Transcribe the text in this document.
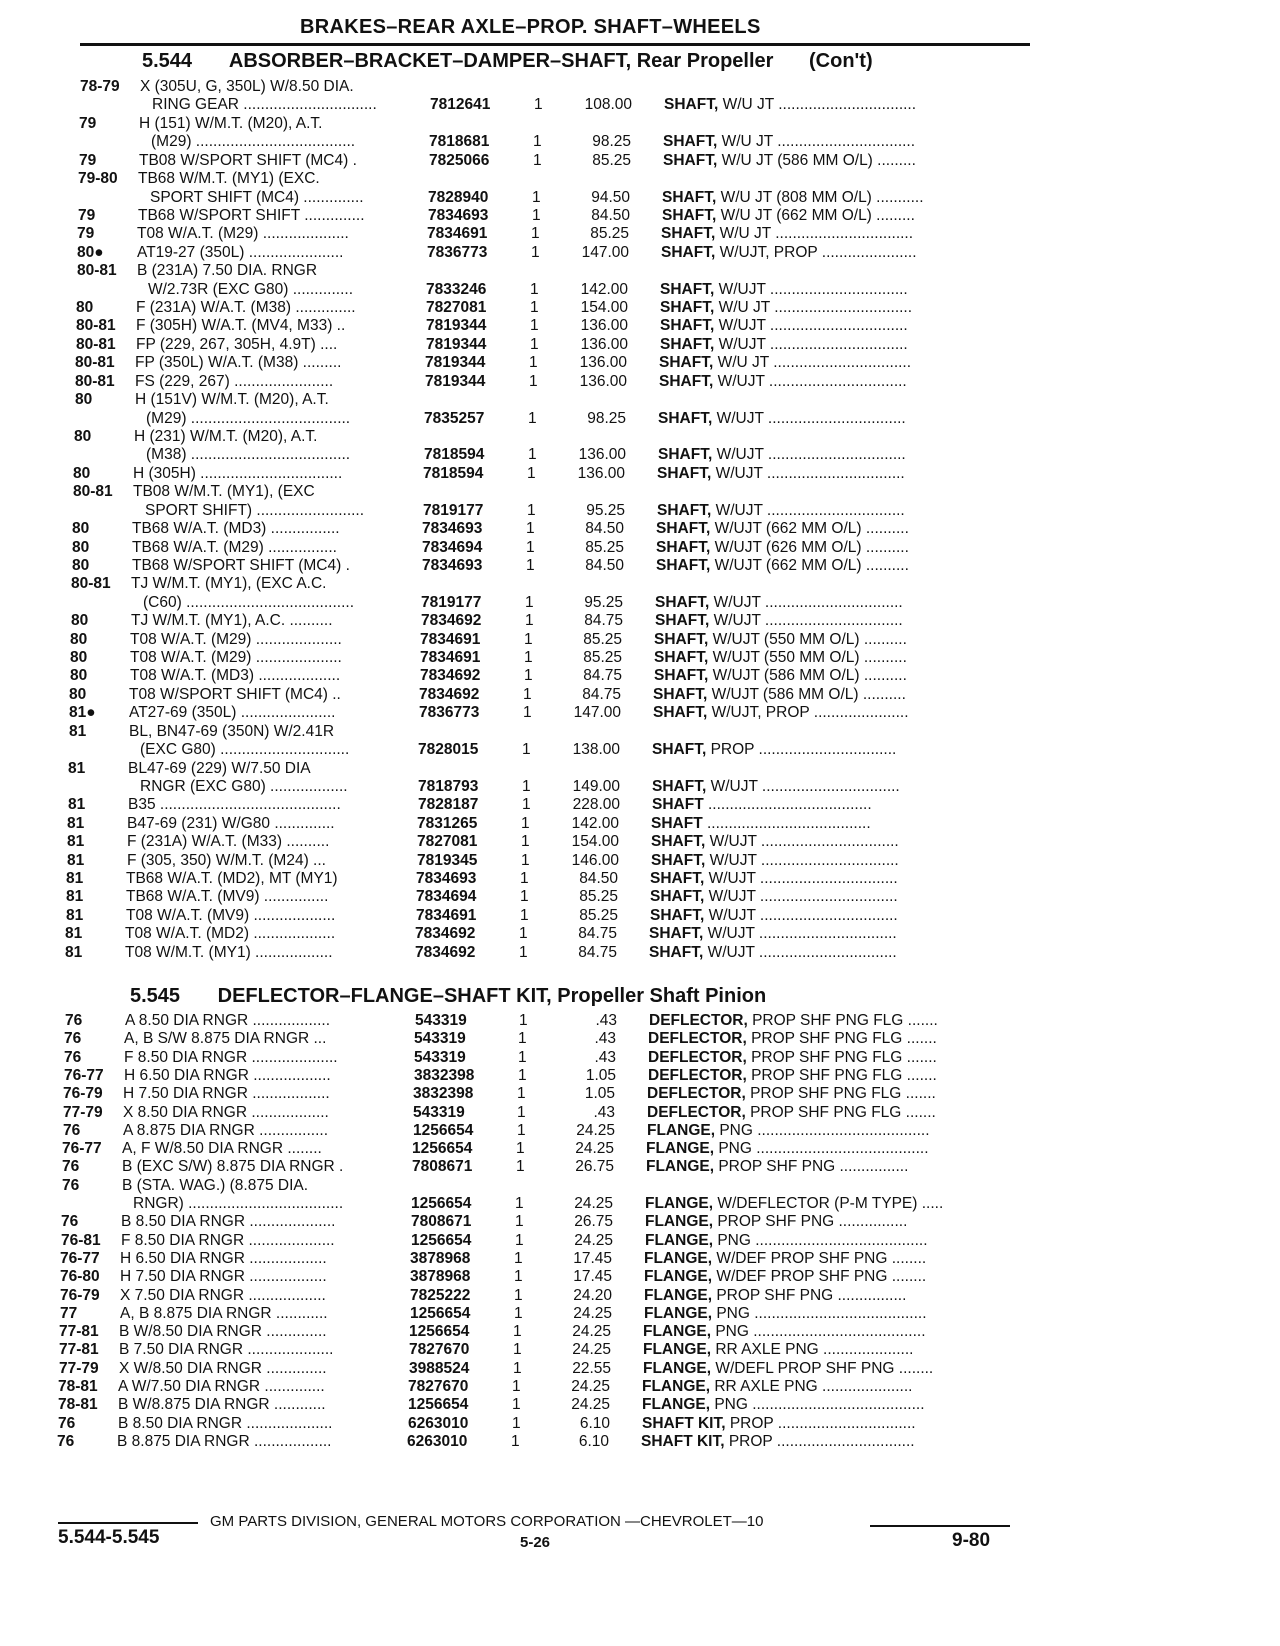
BRAKES–REAR AXLE–PROP. SHAFT–WHEELS
5.544 ABSORBER–BRACKET–DAMPER–SHAFT, Rear Propeller (Con't)
5.545 DEFLECTOR–FLANGE–SHAFT KIT, Propeller Shaft Pinion
78-79	X (305U, G, 350L) W/8.50 DIA.
RING GEAR ...............................	7812641	1	108.00 SHAFT, W/U JT ................................
79	H (151) W/M.T. (M20), A.T.
(M29) .....................................	7818681	1	98.25 SHAFT, W/U JT ................................
79	TB08 W/SPORT SHIFT (MC4) .	7825066	1	85.25 SHAFT, W/U JT (586 MM O/L) .........
79-80	TB68 W/M.T. (MY1) (EXC.
SPORT SHIFT (MC4) ..............	7828940	1	94.50 SHAFT, W/U JT (808 MM O/L) ...........
79	TB68 W/SPORT SHIFT ..............	7834693	1	84.50 SHAFT, W/U JT (662 MM O/L) .........
79	T08 W/A.T. (M29) ....................	7834691	1	85.25 SHAFT, W/U JT ................................
80●	AT19-27 (350L) ......................	7836773	1	147.00 SHAFT, W/UJT, PROP ......................
80-81	B (231A) 7.50 DIA. RNGR
W/2.73R (EXC G80) ..............	7833246	1	142.00 SHAFT, W/UJT ................................
80	F (231A) W/A.T. (M38) ..............	7827081	1	154.00 SHAFT, W/U JT ................................
80-81	F (305H) W/A.T. (MV4, M33) ..	7819344	1	136.00 SHAFT, W/UJT ................................
80-81	FP (229, 267, 305H, 4.9T) ....	7819344	1	136.00 SHAFT, W/UJT ................................
80-81	FP (350L) W/A.T. (M38) .........	7819344	1	136.00 SHAFT, W/U JT ................................
80-81	FS (229, 267) .......................	7819344	1	136.00 SHAFT, W/UJT ................................
80	H (151V) W/M.T. (M20), A.T.
(M29) .....................................	7835257	1	98.25 SHAFT, W/UJT ................................
80	H (231) W/M.T. (M20), A.T.
(M38) .....................................	7818594	1	136.00 SHAFT, W/UJT ................................
80	H (305H) .................................	7818594	1	136.00 SHAFT, W/UJT ................................
80-81	TB08 W/M.T. (MY1), (EXC
SPORT SHIFT) .........................	7819177	1	95.25 SHAFT, W/UJT ................................
80	TB68 W/A.T. (MD3) ................	7834693	1	84.50 SHAFT, W/UJT (662 MM O/L) ..........
80	TB68 W/A.T. (M29) ................	7834694	1	85.25 SHAFT, W/UJT (626 MM O/L) ..........
80	TB68 W/SPORT SHIFT (MC4) .	7834693	1	84.50 SHAFT, W/UJT (662 MM O/L) ..........
80-81	TJ W/M.T. (MY1), (EXC A.C.
(C60) .......................................	7819177	1	95.25 SHAFT, W/UJT ................................
80	TJ W/M.T. (MY1), A.C. ..........	7834692	1	84.75 SHAFT, W/UJT ................................
80	T08 W/A.T. (M29) ....................	7834691	1	85.25 SHAFT, W/UJT (550 MM O/L) ..........
80	T08 W/A.T. (M29) ....................	7834691	1	85.25 SHAFT, W/UJT (550 MM O/L) ..........
80	T08 W/A.T. (MD3) ...................	7834692	1	84.75 SHAFT, W/UJT (586 MM O/L) ..........
80	T08 W/SPORT SHIFT (MC4) ..	7834692	1	84.75 SHAFT, W/UJT (586 MM O/L) ..........
81●	AT27-69 (350L) ......................	7836773	1	147.00 SHAFT, W/UJT, PROP ......................
81	BL, BN47-69 (350N) W/2.41R
(EXC G80) ..............................	7828015	1	138.00 SHAFT, PROP ................................
81	BL47-69 (229) W/7.50 DIA
RNGR (EXC G80) ..................	7818793	1	149.00 SHAFT, W/UJT ................................
81	B35 ..........................................	7828187	1	228.00 SHAFT ......................................
81	B47-69 (231) W/G80 ..............	7831265	1	142.00 SHAFT ......................................
81	F (231A) W/A.T. (M33) ..........	7827081	1	154.00 SHAFT, W/UJT ................................
81	F (305, 350) W/M.T. (M24) ...	7819345	1	146.00 SHAFT, W/UJT ................................
81	TB68 W/A.T. (MD2), MT (MY1)	7834693	1	84.50 SHAFT, W/UJT ................................
81	TB68 W/A.T. (MV9) ...............	7834694	1	85.25 SHAFT, W/UJT ................................
81	T08 W/A.T. (MV9) ...................	7834691	1	85.25 SHAFT, W/UJT ................................
81	T08 W/A.T. (MD2) ...................	7834692	1	84.75 SHAFT, W/UJT ................................
81	T08 W/M.T. (MY1) ..................	7834692	1	84.75 SHAFT, W/UJT ................................
76	A 8.50 DIA RNGR ..................	543319	1	.43 DEFLECTOR, PROP SHF PNG FLG .......
76	A, B S/W 8.875 DIA RNGR ...	543319	1	.43 DEFLECTOR, PROP SHF PNG FLG .......
76	F 8.50 DIA RNGR ....................	543319	1	.43 DEFLECTOR, PROP SHF PNG FLG .......
76-77	H 6.50 DIA RNGR ..................	3832398	1	1.05 DEFLECTOR, PROP SHF PNG FLG .......
76-79	H 7.50 DIA RNGR ..................	3832398	1	1.05 DEFLECTOR, PROP SHF PNG FLG .......
77-79	X 8.50 DIA RNGR ..................	543319	1	.43 DEFLECTOR, PROP SHF PNG FLG .......
76	A 8.875 DIA RNGR ................	1256654	1	24.25 FLANGE, PNG ........................................
76-77	A, F W/8.50 DIA RNGR ........	1256654	1	24.25 FLANGE, PNG ........................................
76	B (EXC S/W) 8.875 DIA RNGR .	7808671	1	26.75 FLANGE, PROP SHF PNG ................
76	B (STA. WAG.) (8.875 DIA.
RNGR) ....................................	1256654	1	24.25 FLANGE, W/DEFLECTOR (P-M TYPE) .....
76	B 8.50 DIA RNGR ....................	7808671	1	26.75 FLANGE, PROP SHF PNG ................
76-81	F 8.50 DIA RNGR ....................	1256654	1	24.25 FLANGE, PNG ........................................
76-77	H 6.50 DIA RNGR ..................	3878968	1	17.45 FLANGE, W/DEF PROP SHF PNG ........
76-80	H 7.50 DIA RNGR ..................	3878968	1	17.45 FLANGE, W/DEF PROP SHF PNG ........
76-79	X 7.50 DIA RNGR ..................	7825222	1	24.20 FLANGE, PROP SHF PNG ................
77	A, B 8.875 DIA RNGR ............	1256654	1	24.25 FLANGE, PNG ........................................
77-81	B W/8.50 DIA RNGR ..............	1256654	1	24.25 FLANGE, PNG ........................................
77-81	B 7.50 DIA RNGR ....................	7827670	1	24.25 FLANGE, RR AXLE PNG .....................
77-79	X W/8.50 DIA RNGR ..............	3988524	1	22.55 FLANGE, W/DEFL PROP SHF PNG ........
78-81	A W/7.50 DIA RNGR ..............	7827670	1	24.25 FLANGE, RR AXLE PNG .....................
78-81	B W/8.875 DIA RNGR ............	1256654	1	24.25 FLANGE, PNG ........................................
76	B 8.50 DIA RNGR ....................	6263010	1	6.10 SHAFT KIT, PROP ................................
76	B 8.875 DIA RNGR ..................	6263010	1	6.10 SHAFT KIT, PROP ................................
GM PARTS DIVISION, GENERAL MOTORS CORPORATION —CHEVROLET—10
5.544-5.545	5-26	9-80
